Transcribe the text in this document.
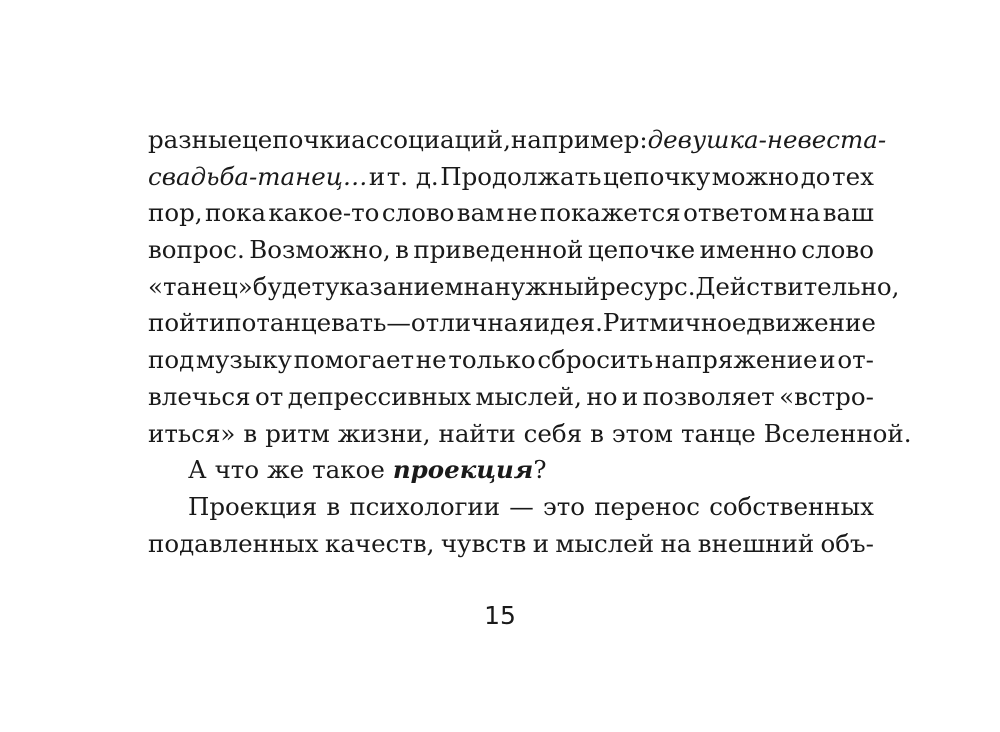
разные цепочки ассоциаций, например: девушка-невеста-
свадьба-танец… и т. д. Продолжать цепочку можно до тех
пор, пока какое-то слово вам не покажется ответом на ваш
вопрос. Возможно, в приведенной цепочке именно слово
«танец» будет указанием на нужный ресурс. Действительно,
пойти потанцевать — отличная идея. Ритмичное движение
под музыку помогает не только сбросить напряжение и от-
влечься от депрессивных мыслей, но и позволяет «встро-
иться» в ритм жизни, найти себя в этом танце Вселенной.
А что же такое проекция ?
Проекция в психологии — это перенос собственных
подавленных качеств, чувств и мыслей на внешний объ-
15
